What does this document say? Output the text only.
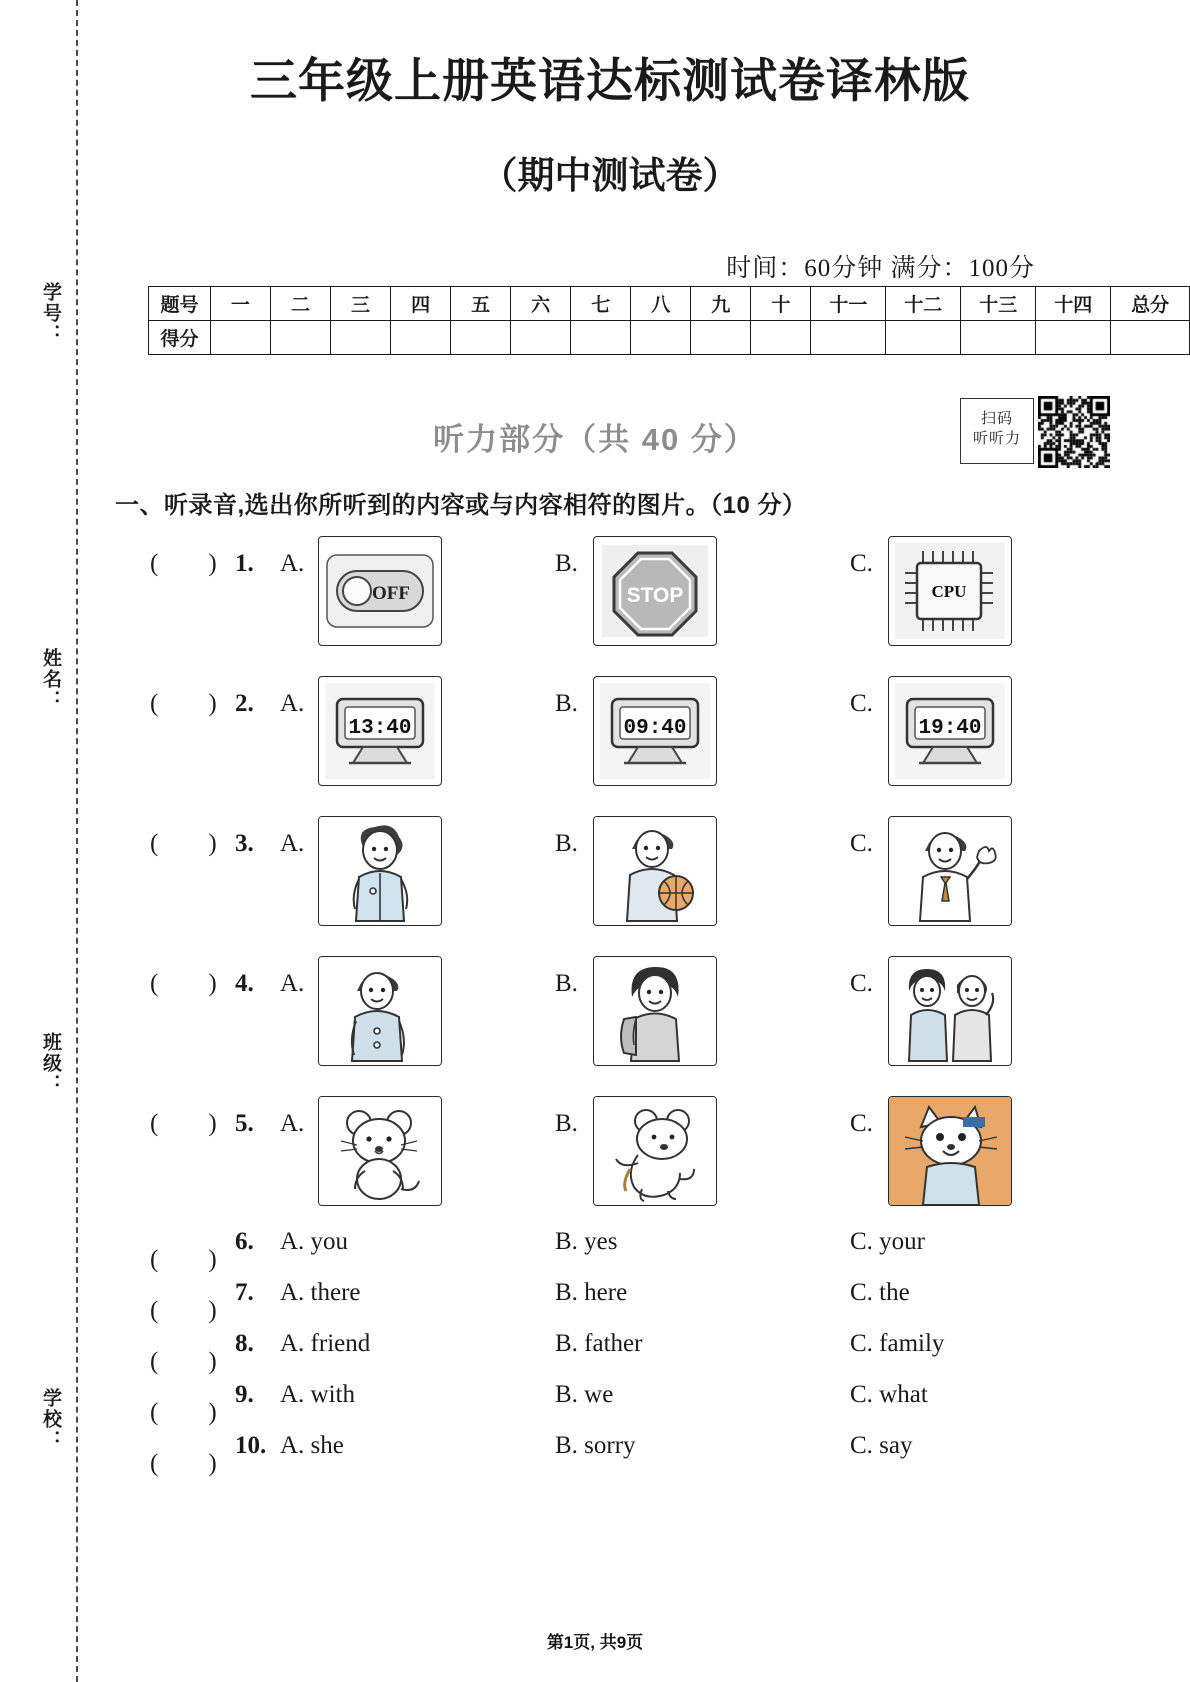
学号：
姓名：
班级：
学校：
三年级上册英语达标测试卷译林版
（期中测试卷）
时间：60分钟 满分：100分
题号	一	二	三	四	五	六	七	八	九	十	十一	十二	十三	十四	总分
得分															
听力部分（共 40 分）
扫码
听听力
一、听录音,选出你所听到的内容或与内容相符的图片。（10 分）
( ) 1. A.	B.	C.
OFF	STOP	CPU
( ) 2. A.	B.	C.
13:40	09:40	19:40
( ) 3. A.	B.	C.
( ) 4. A.	B.	C.
( ) 5. A.	B.	C.
( )
6. A. you	B. yes	C. your
( )
7. A. there	B. here	C. the
( )
8. A. friend	B. father	C. family
( )
9. A. with	B. we	C. what
( )
10. A. she	B. sorry	C. say
第1页, 共9页
